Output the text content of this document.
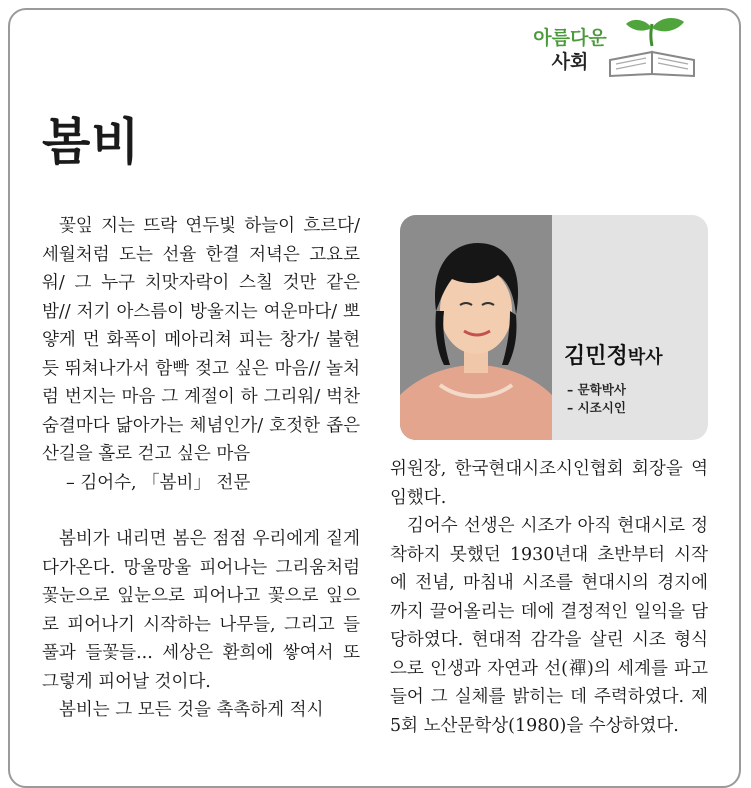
아름다운
사회
봄비

꽃잎 지는 뜨락 연두빛 하늘이 흐르다/ 세월처럼 도는 선율 한결 저녁은 고요로워/ 그 누구 치맛자락이 스칠 것만 같은 밤// 저기 아스름이 방울지는 여운마다/ 뽀얗게 먼 화폭이 메아리쳐 피는 창가/ 불현듯 뛰쳐나가서 함빡 젖고 싶은 마음// 놀처럼 번지는 마음 그 계절이 하 그리워/ 벅찬 숨결마다 닮아가는 체념인가/ 호젓한 좁은 산길을 홀로 걷고 싶은 마음

– 김어수, 「봄비」 전문

봄비가 내리면 봄은 점점 우리에게 짙게 다가온다. 망울망울 피어나는 그리움처럼 꽃눈으로 잎눈으로 피어나고 꽃으로 잎으로 피어나기 시작하는 나무들, 그리고 들풀과 들꽃들... 세상은 환희에 쌓여서 또 그렇게 피어날 것이다.

봄비는 그 모든 것을 촉촉하게 적시

김민정박사
– 문학박사
– 시조시인

위원장, 한국현대시조시인협회 회장을 역임했다.

김어수 선생은 시조가 아직 현대시로 정착하지 못했던 1930년대 초반부터 시작에 전념, 마침내 시조를 현대시의 경지에까지 끌어올리는 데에 결정적인 일익을 담당하였다. 현대적 감각을 살린 시조 형식으로 인생과 자연과 선(禪)의 세계를 파고들어 그 실체를 밝히는 데 주력하였다. 제5회 노산문학상(1980)을 수상하였다.
